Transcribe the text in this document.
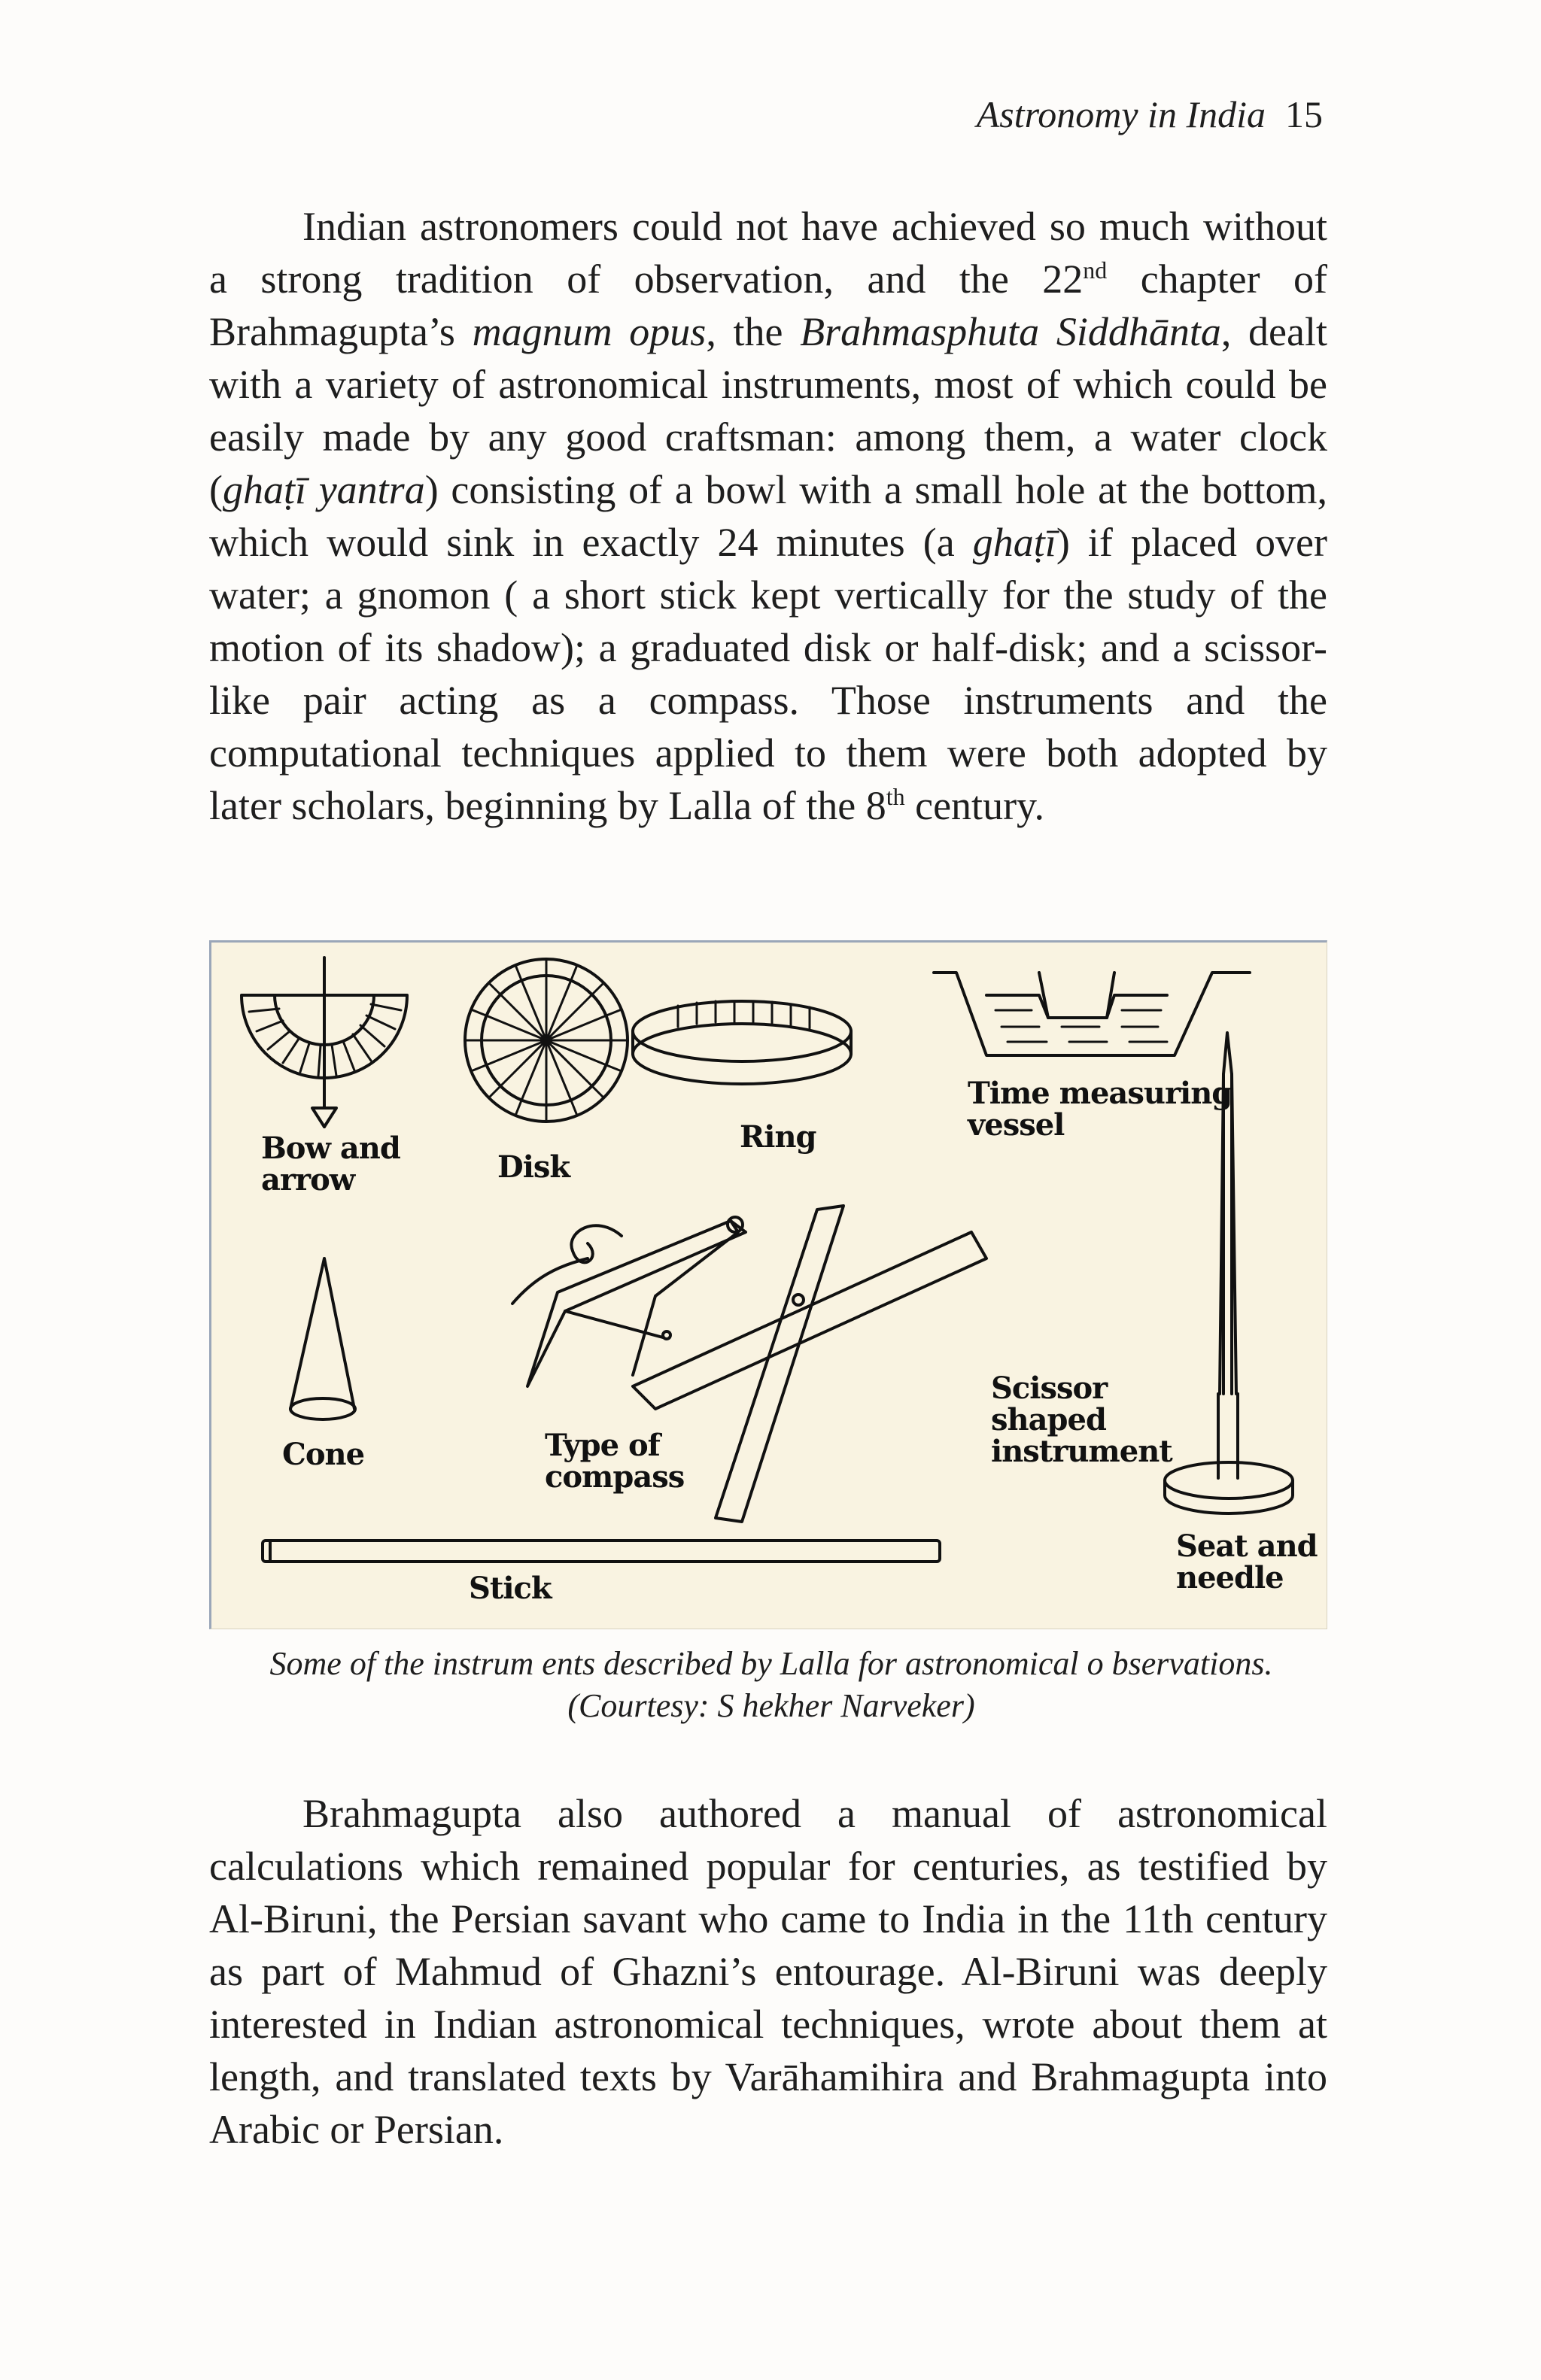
Astronomy in India 15

Indian astronomers could not have achieved so much without a strong tradition of observation, and the 22nd chapter of Brahmagupta’s magnum opus, the Brahmasphuta Siddhānta, dealt with a variety of astronomical instruments, most of which could be easily made by any good craftsman: among them, a water clock (ghaṭī yantra) consisting of a bowl with a small hole at the bottom, which would sink in exactly 24 minutes (a ghaṭī) if placed over water; a gnomon ( a short stick kept vertically for the study of the motion of its shadow); a graduated disk or half-disk; and a scissor-like pair acting as a compass. Those instruments and the computational techniques applied to them were both adopted by later scholars, beginning by Lalla of the 8th century.

Bow and
arrow	Disk
Ring
Time measuring
vessel
Cone	Type of
compass
Scissor
shaped
instrument
Stick
Seat and
needle
Some of the instrum ents described by Lalla for astronomical o bservations.
(Courtesy: S hekher Narveker)

Brahmagupta also authored a manual of astronomical calculations which remained popular for centuries, as testified by Al-Biruni, the Persian savant who came to India in the 11th century as part of Mahmud of Ghazni’s entourage. Al-Biruni was deeply interested in Indian astronomical techniques, wrote about them at length, and translated texts by Varāhamihira and Brahmagupta into Arabic or Persian.
